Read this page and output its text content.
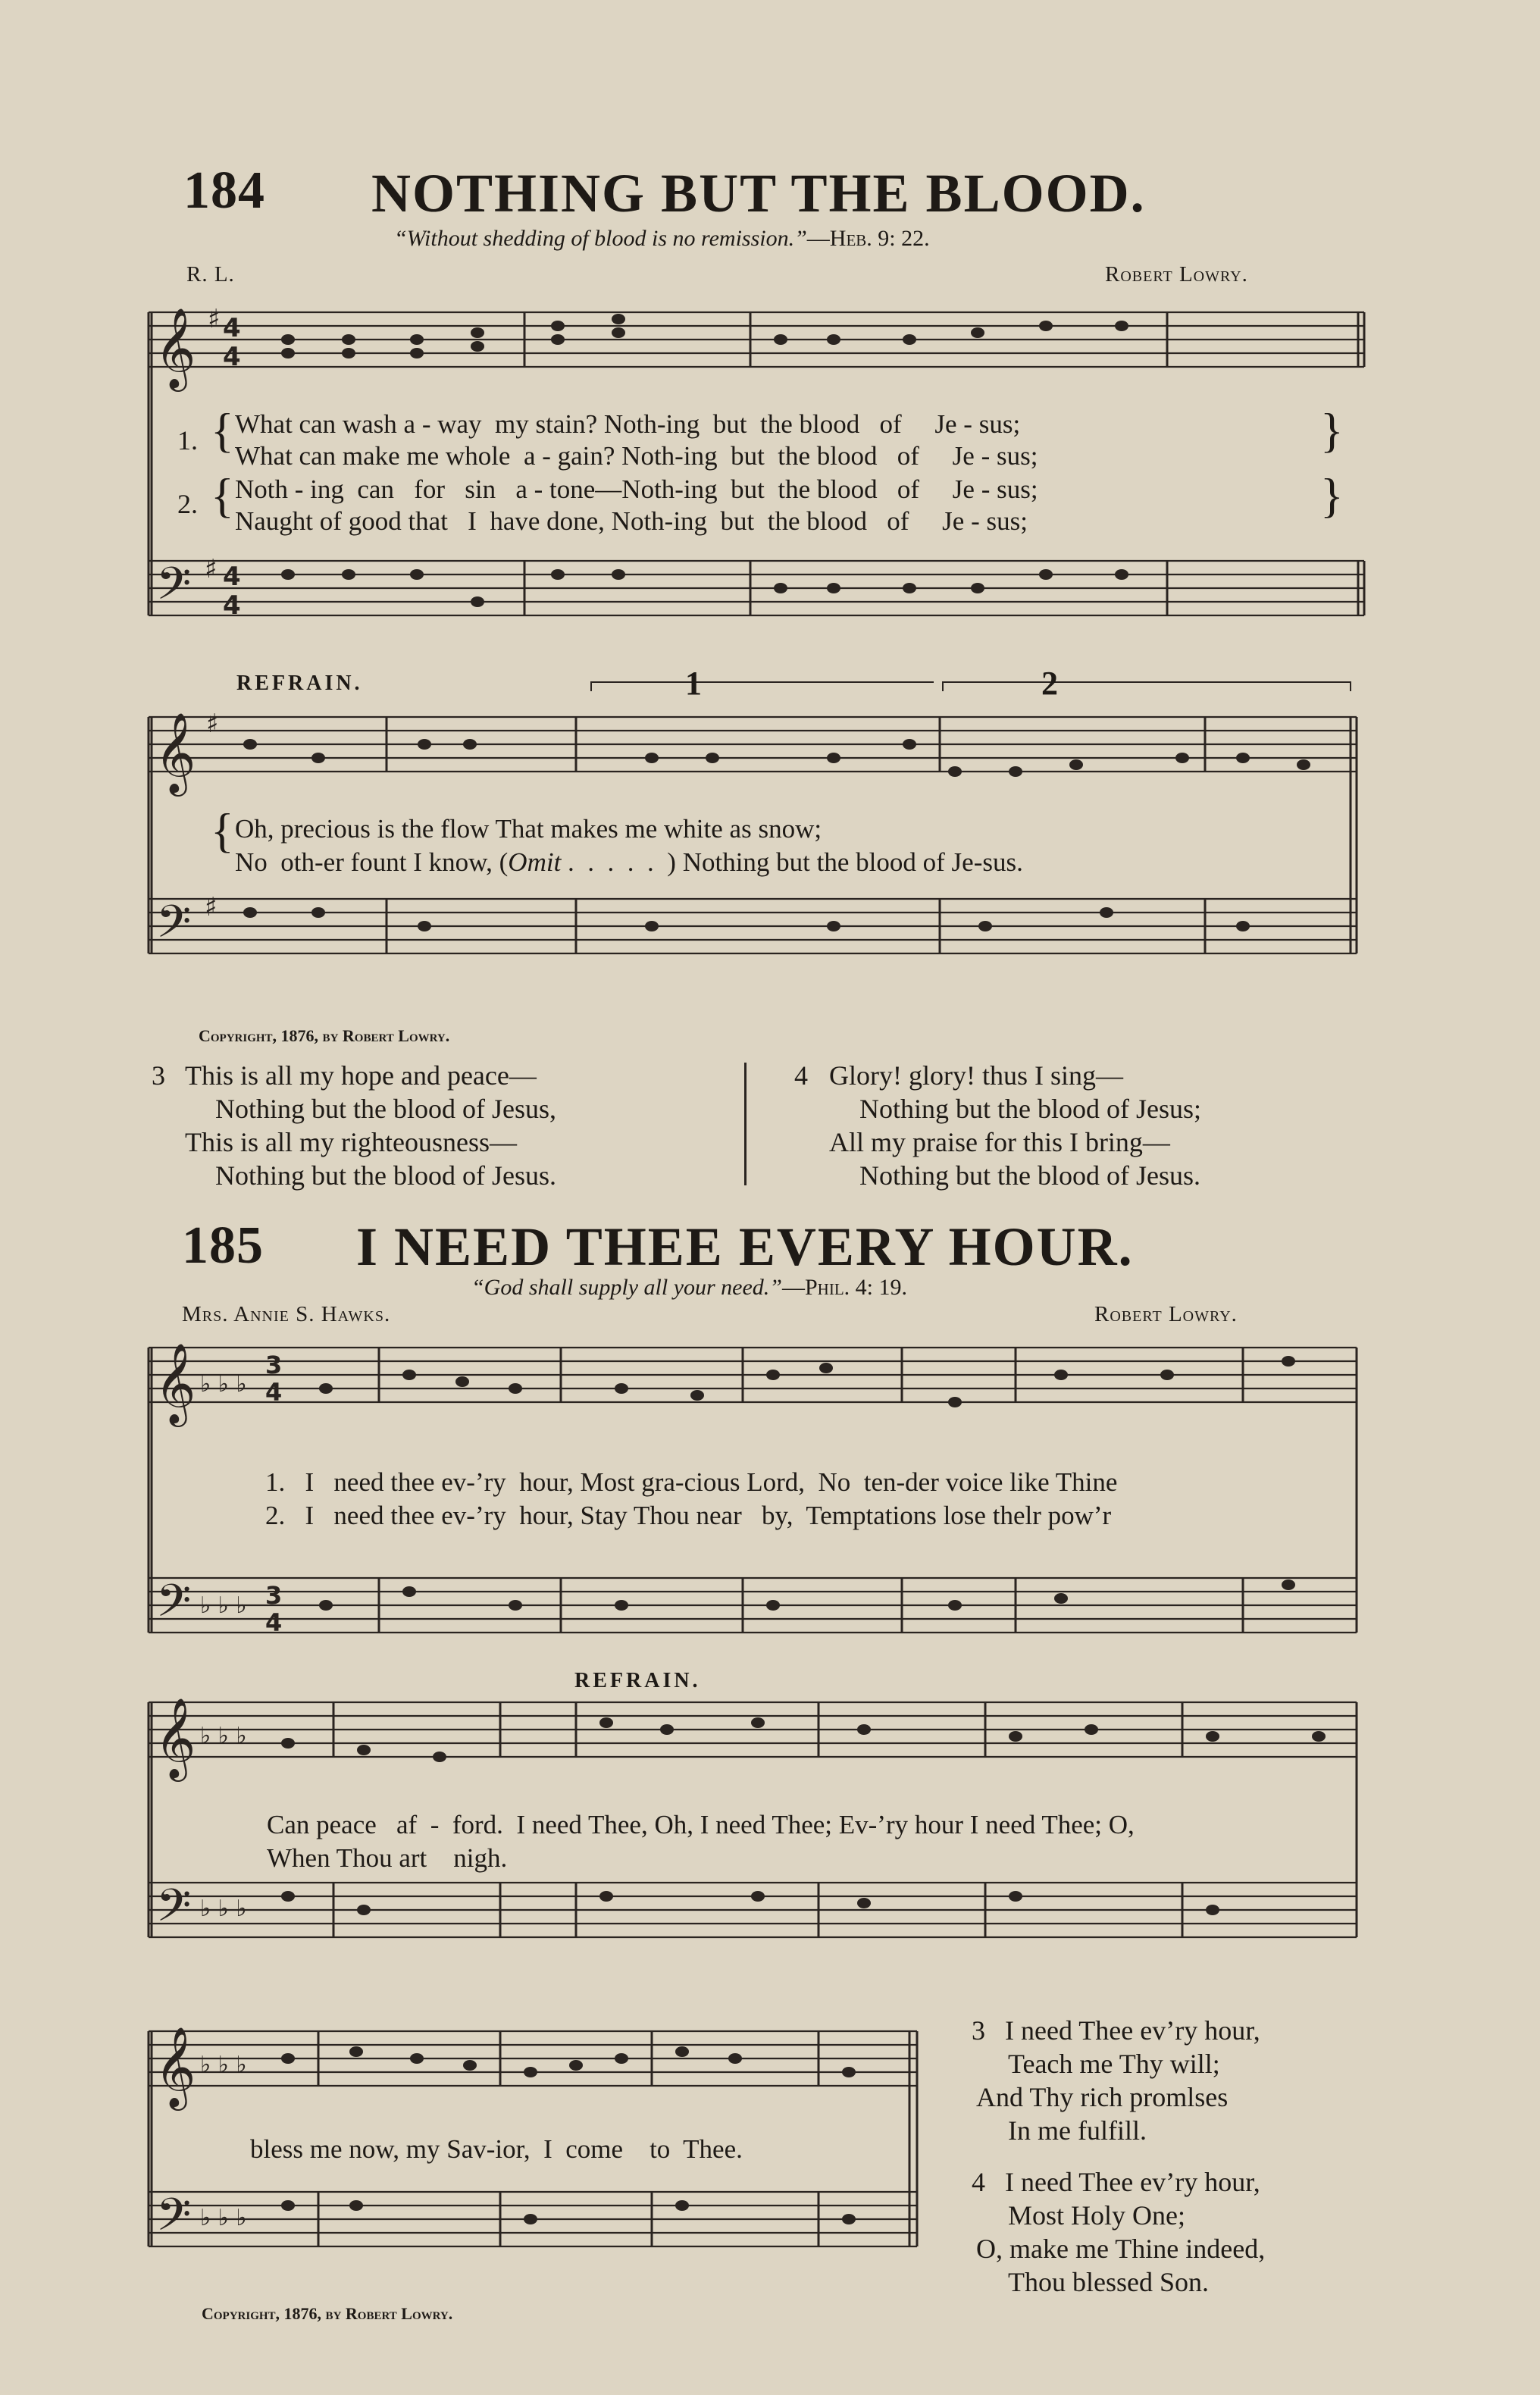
184 NOTHING BUT THE BLOOD.
“Without shedding of blood is no remission.”—Heb. 9: 22.
R. L.	Robert Lowry.
𝄞
𝄢
4
4
4
4
♯
♯
𝄞
𝄢
♯
♯
𝄞
𝄢
♭ ♭ ♭
3
4
♭ ♭ ♭ 3
4
𝄞
𝄢
♭ ♭ ♭
♭ ♭ ♭
𝄞
𝄢
♭ ♭ ♭
♭ ♭ ♭
1.
2.
{
{
What can wash a - way  my stain? Noth-ing  but  the blood   of     Je - sus;
What can make me whole  a - gain? Noth-ing  but  the blood   of     Je - sus;
Noth - ing  can   for   sin   a - tone—Noth-ing  but  the blood   of     Je - sus;
Naught of good that   I  have done, Noth-ing  but  the blood   of     Je - sus;
}
}
REFRAIN.	1	2
{ Oh, precious is the flow That makes me white as snow;
No  oth-er fount I know, (Omit .  .  .  .  .  ) Nothing but the blood of Je-sus.
Copyright, 1876, by Robert Lowry.
3 This is all my hope and peace—
Nothing but the blood of Jesus,
This is all my righteousness—
Nothing but the blood of Jesus.
4 Glory! glory! thus I sing—
Nothing but the blood of Jesus;
All my praise for this I bring—
Nothing but the blood of Jesus.
185 I NEED THEE EVERY HOUR.
“God shall supply all your need.”—Phil. 4: 19.
Mrs. Annie S. Hawks.	Robert Lowry.
1.   I   need thee ev-’ry  hour, Most gra-cious Lord,  No  ten-der voice like Thine
2.   I   need thee ev-’ry  hour, Stay Thou near   by,  Temptations lose thelr pow’r
REFRAIN.
Can peace   af  -  ford.  I need Thee, Oh, I need Thee; Ev-’ry hour I need Thee; O,
When Thou art    nigh.
bless me now, my Sav-ior,  I  come    to  Thee.
Copyright, 1876, by Robert Lowry.
3 I need Thee ev’ry hour,
Teach me Thy will;
And Thy rich promlses
In me fulfill.
4 I need Thee ev’ry hour,
Most Holy One;
O, make me Thine indeed,
Thou blessed Son.
